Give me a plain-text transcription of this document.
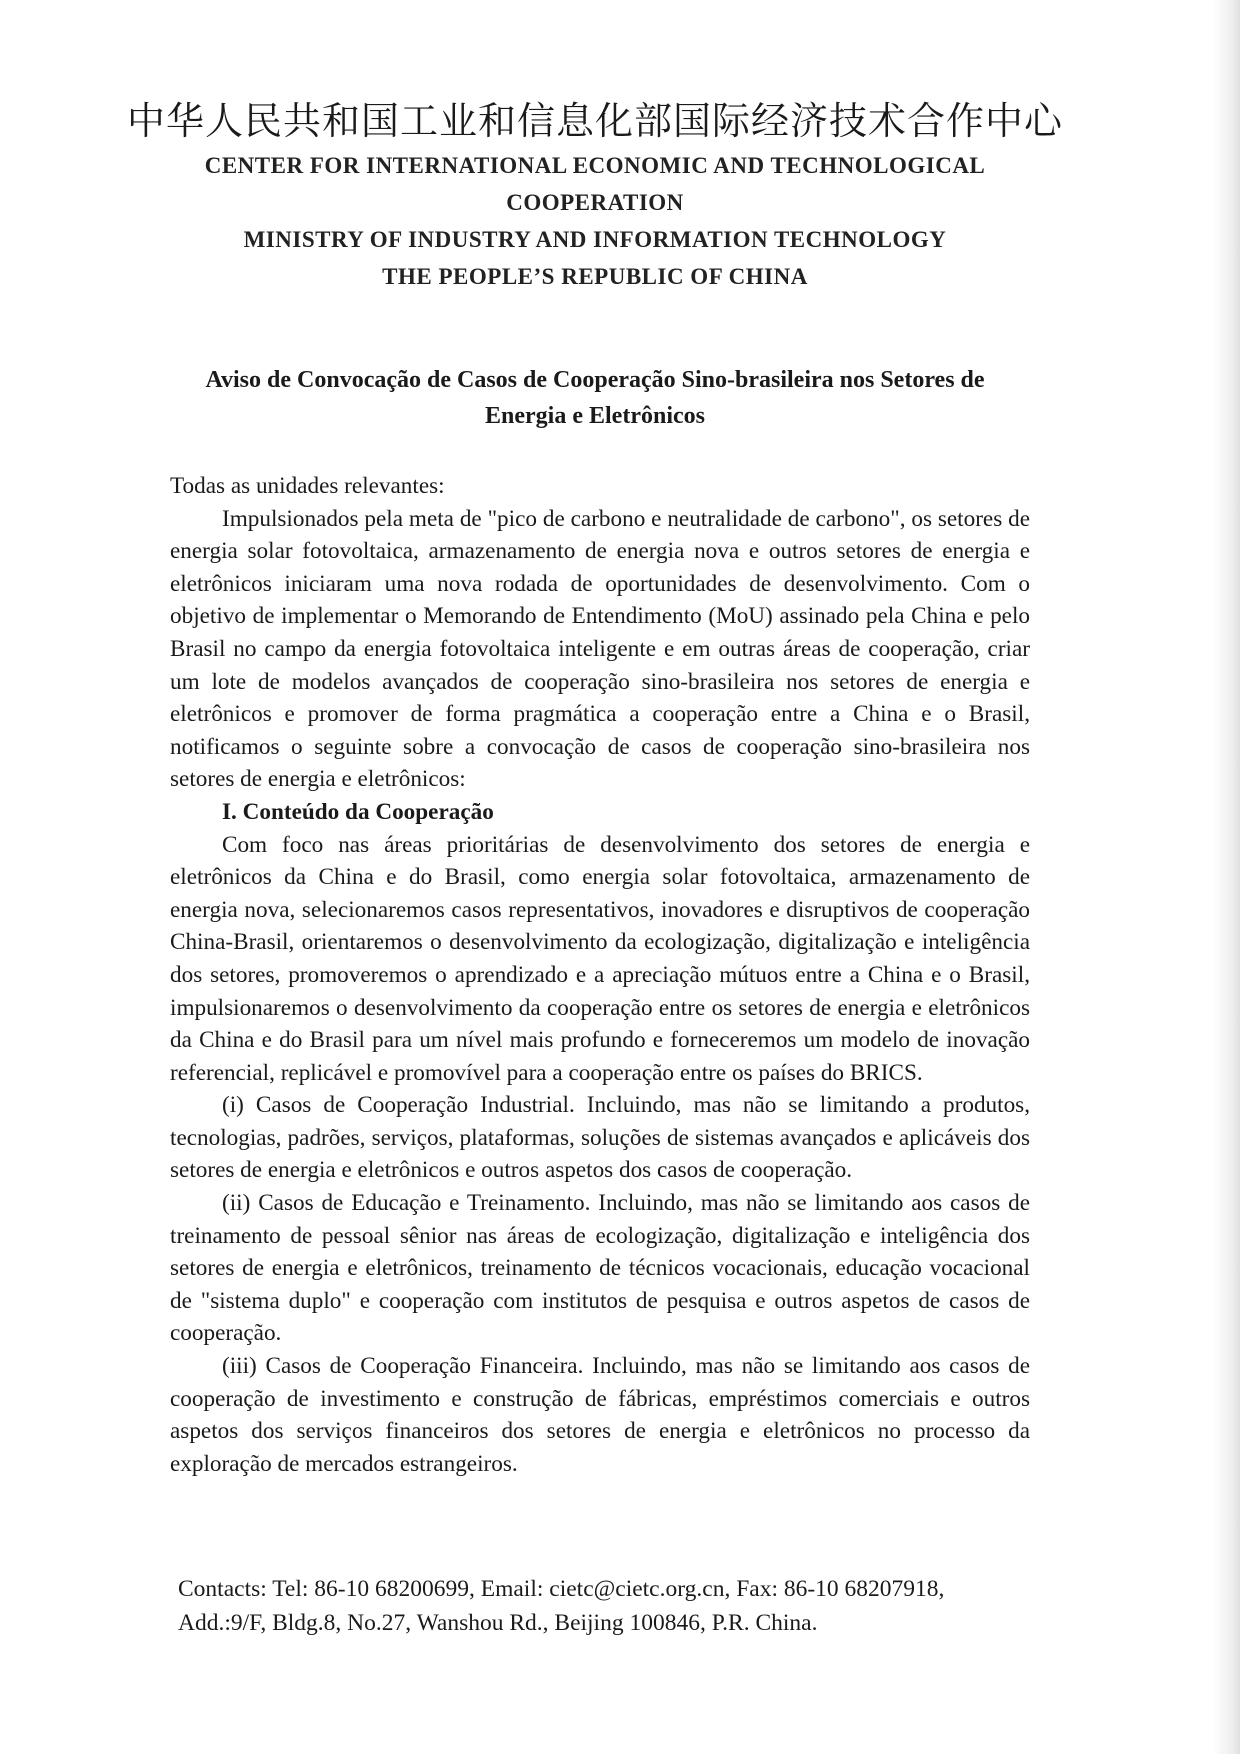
中华人民共和国工业和信息化部国际经济技术合作中心

CENTER FOR INTERNATIONAL ECONOMIC AND TECHNOLOGICAL

COOPERATION

MINISTRY OF INDUSTRY AND INFORMATION TECHNOLOGY

THE PEOPLE’S REPUBLIC OF CHINA

Aviso de Convocação de Casos de Cooperação Sino-brasileira nos Setores de Energia e Eletrônicos

Todas as unidades relevantes:

Impulsionados pela meta de "pico de carbono e neutralidade de carbono", os setores de energia solar fotovoltaica, armazenamento de energia nova e outros setores de energia e eletrônicos iniciaram uma nova rodada de oportunidades de desenvolvimento. Com o objetivo de implementar o Memorando de Entendimento (MoU) assinado pela China e pelo Brasil no campo da energia fotovoltaica inteligente e em outras áreas de cooperação, criar um lote de modelos avançados de cooperação sino-brasileira nos setores de energia e eletrônicos e promover de forma pragmática a cooperação entre a China e o Brasil, notificamos o seguinte sobre a convocação de casos de cooperação sino-brasileira nos setores de energia e eletrônicos:

I. Conteúdo da Cooperação

Com foco nas áreas prioritárias de desenvolvimento dos setores de energia e eletrônicos da China e do Brasil, como energia solar fotovoltaica, armazenamento de energia nova, selecionaremos casos representativos, inovadores e disruptivos de cooperação China-Brasil, orientaremos o desenvolvimento da ecologização, digitalização e inteligência dos setores, promoveremos o aprendizado e a apreciação mútuos entre a China e o Brasil, impulsionaremos o desenvolvimento da cooperação entre os setores de energia e eletrônicos da China e do Brasil para um nível mais profundo e forneceremos um modelo de inovação referencial, replicável e promovível para a cooperação entre os países do BRICS.

(i) Casos de Cooperação Industrial. Incluindo, mas não se limitando a produtos, tecnologias, padrões, serviços, plataformas, soluções de sistemas avançados e aplicáveis dos setores de energia e eletrônicos e outros aspetos dos casos de cooperação.

(ii) Casos de Educação e Treinamento. Incluindo, mas não se limitando aos casos de treinamento de pessoal sênior nas áreas de ecologização, digitalização e inteligência dos setores de energia e eletrônicos, treinamento de técnicos vocacionais, educação vocacional de "sistema duplo" e cooperação com institutos de pesquisa e outros aspetos de casos de cooperação.

(iii) Casos de Cooperação Financeira. Incluindo, mas não se limitando aos casos de cooperação de investimento e construção de fábricas, empréstimos comerciais e outros aspetos dos serviços financeiros dos setores de energia e eletrônicos no processo da exploração de mercados estrangeiros.

Contacts: Tel: 86-10 68200699, Email: cietc@cietc.org.cn, Fax: 86-10 68207918,
Add.:9/F, Bldg.8, No.27, Wanshou Rd., Beijing 100846, P.R. China.
